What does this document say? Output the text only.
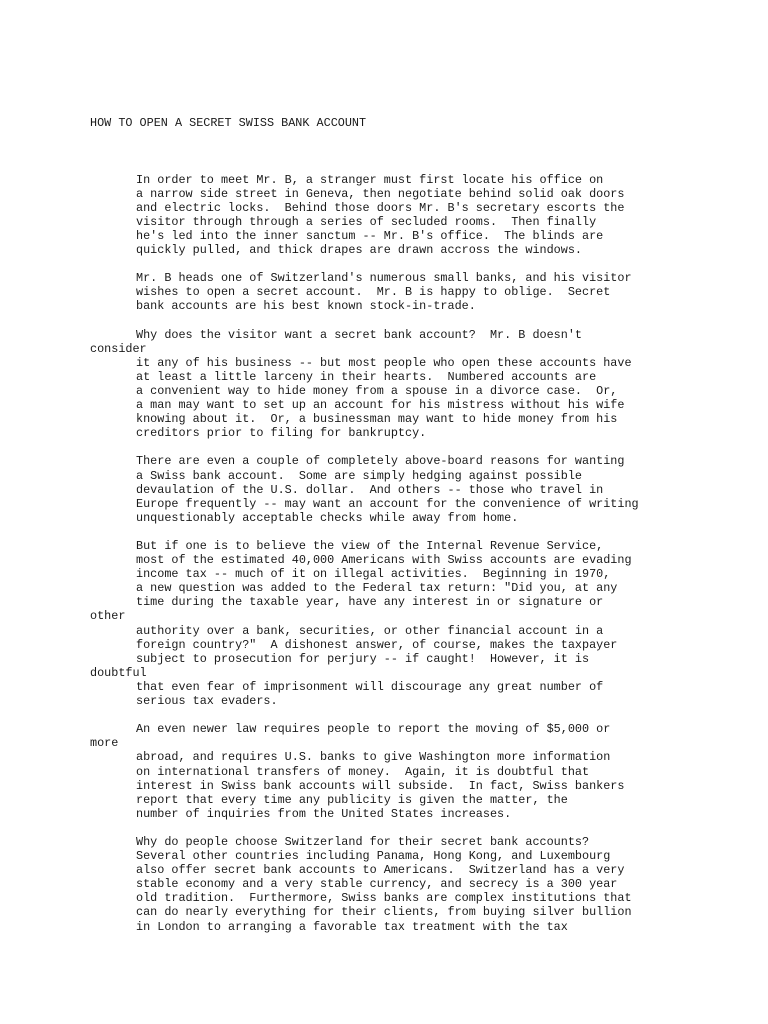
HOW TO OPEN A SECRET SWISS BANK ACCOUNT

In order to meet Mr. B, a stranger must first locate his office on
a narrow side street in Geneva, then negotiate behind solid oak doors
and electric locks.  Behind those doors Mr. B's secretary escorts the
visitor through through a series of secluded rooms.  Then finally
he's led into the inner sanctum -- Mr. B's office.  The blinds are
quickly pulled, and thick drapes are drawn accross the windows.
Mr. B heads one of Switzerland's numerous small banks, and his visitor
wishes to open a secret account.  Mr. B is happy to oblige.  Secret
bank accounts are his best known stock-in-trade.
Why does the visitor want a secret bank account?  Mr. B doesn't
consider
it any of his business -- but most people who open these accounts have
at least a little larceny in their hearts.  Numbered accounts are
a convenient way to hide money from a spouse in a divorce case.  Or,
a man may want to set up an account for his mistress without his wife
knowing about it.  Or, a businessman may want to hide money from his
creditors prior to filing for bankruptcy.
There are even a couple of completely above-board reasons for wanting
a Swiss bank account.  Some are simply hedging against possible
devaulation of the U.S. dollar.  And others -- those who travel in
Europe frequently -- may want an account for the convenience of writing
unquestionably acceptable checks while away from home.
But if one is to believe the view of the Internal Revenue Service,
most of the estimated 40,000 Americans with Swiss accounts are evading
income tax -- much of it on illegal activities.  Beginning in 1970,
a new question was added to the Federal tax return: "Did you, at any
time during the taxable year, have any interest in or signature or
other
authority over a bank, securities, or other financial account in a
foreign country?"  A dishonest answer, of course, makes the taxpayer
subject to prosecution for perjury -- if caught!  However, it is
doubtful
that even fear of imprisonment will discourage any great number of
serious tax evaders.
An even newer law requires people to report the moving of $5,000 or
more
abroad, and requires U.S. banks to give Washington more information
on international transfers of money.  Again, it is doubtful that
interest in Swiss bank accounts will subside.  In fact, Swiss bankers
report that every time any publicity is given the matter, the
number of inquiries from the United States increases.
Why do people choose Switzerland for their secret bank accounts?
Several other countries including Panama, Hong Kong, and Luxembourg
also offer secret bank accounts to Americans.  Switzerland has a very
stable economy and a very stable currency, and secrecy is a 300 year
old tradition.  Furthermore, Swiss banks are complex institutions that
can do nearly everything for their clients, from buying silver bullion
in London to arranging a favorable tax treatment with the tax
